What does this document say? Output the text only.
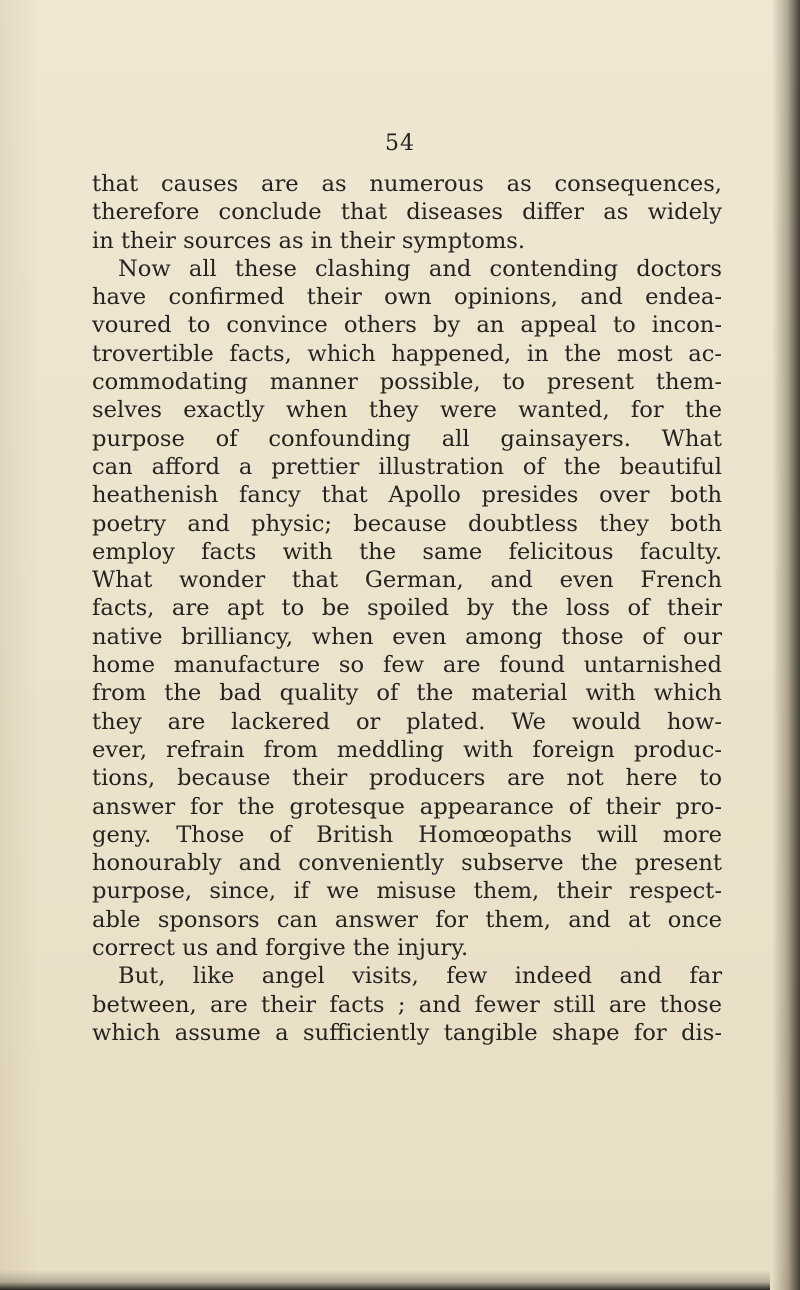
54
that causes are as numerous as consequences,
therefore conclude that diseases differ as widely
in their sources as in their symptoms.
Now all these clashing and contending doctors
have confirmed their own opinions, and endea-
voured to convince others by an appeal to incon-
trovertible facts, which happened, in the most ac-
commodating manner possible, to present them-
selves exactly when they were wanted, for the
purpose of confounding all gainsayers. What
can afford a prettier illustration of the beautiful
heathenish fancy that Apollo presides over both
poetry and physic; because doubtless they both
employ facts with the same felicitous faculty.
What wonder that German, and even French
facts, are apt to be spoiled by the loss of their
native brilliancy, when even among those of our
home manufacture so few are found untarnished
from the bad quality of the material with which
they are lackered or plated. We would how-
ever, refrain from meddling with foreign produc-
tions, because their producers are not here to
answer for the grotesque appearance of their pro-
geny. Those of British Homœopaths will more
honourably and conveniently subserve the present
purpose, since, if we misuse them, their respect-
able sponsors can answer for them, and at once
correct us and forgive the injury.
But, like angel visits, few indeed and far
between, are their facts ; and fewer still are those
which assume a sufficiently tangible shape for dis-
